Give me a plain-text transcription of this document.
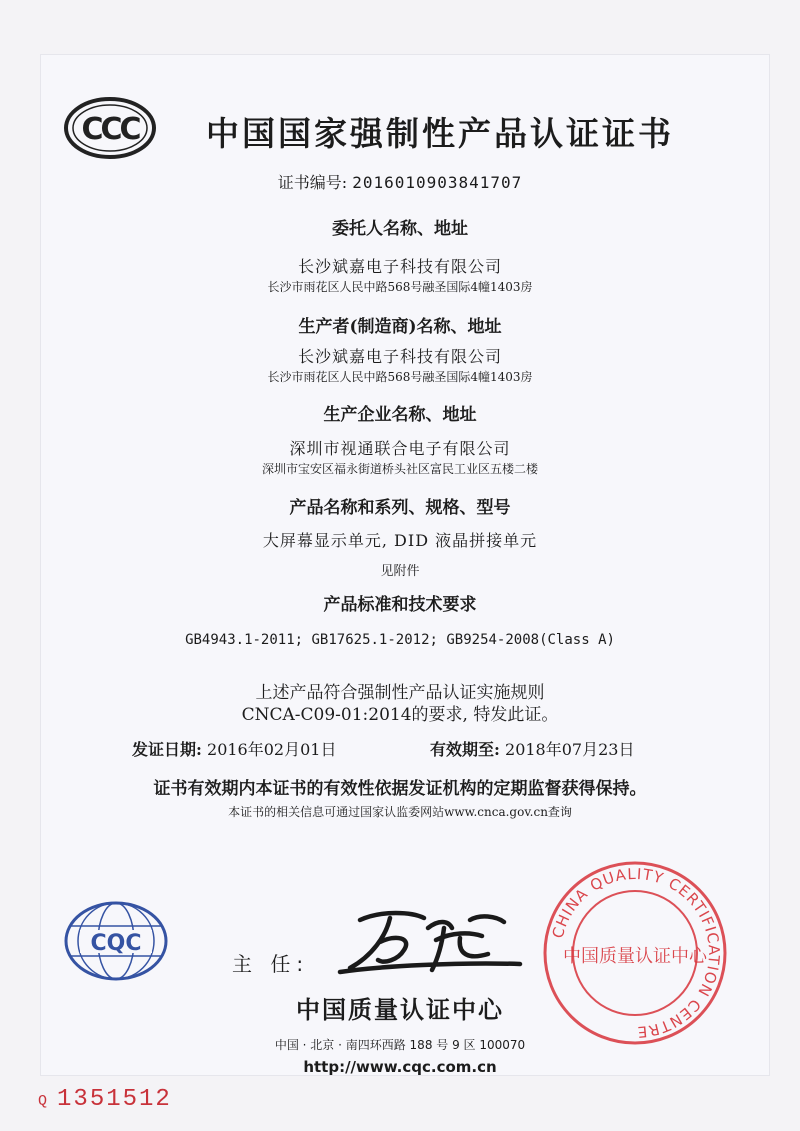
CCC	中国国家强制性产品认证证书
证书编号: 2016010903841707
委托人名称、地址
长沙斌嘉电子科技有限公司
长沙市雨花区人民中路568号融圣国际4幢1403房
生产者(制造商)名称、地址
长沙斌嘉电子科技有限公司
长沙市雨花区人民中路568号融圣国际4幢1403房
生产企业名称、地址
深圳市视通联合电子有限公司
深圳市宝安区福永街道桥头社区富民工业区五楼二楼
产品名称和系列、规格、型号
大屏幕显示单元, DID 液晶拼接单元
见附件
产品标准和技术要求
GB4943.1-2011; GB17625.1-2012; GB9254-2008(Class A)
上述产品符合强制性产品认证实施规则
CNCA-C09-01:2014的要求, 特发此证。
发证日期: 2016年02月01日	有效期至: 2018年07月23日
证书有效期内本证书的有效性依据发证机构的定期监督获得保持。
本证书的相关信息可通过国家认监委网站www.cnca.gov.cn查询
CQC
主 任:
中国质量认证中心
中国 · 北京 · 南四环西路 188 号 9 区 100070
http://www.cqc.com.cn
CHINA QUALITY CERTIFICATION CENTRE
中国质量认证中心
Q 1351512
